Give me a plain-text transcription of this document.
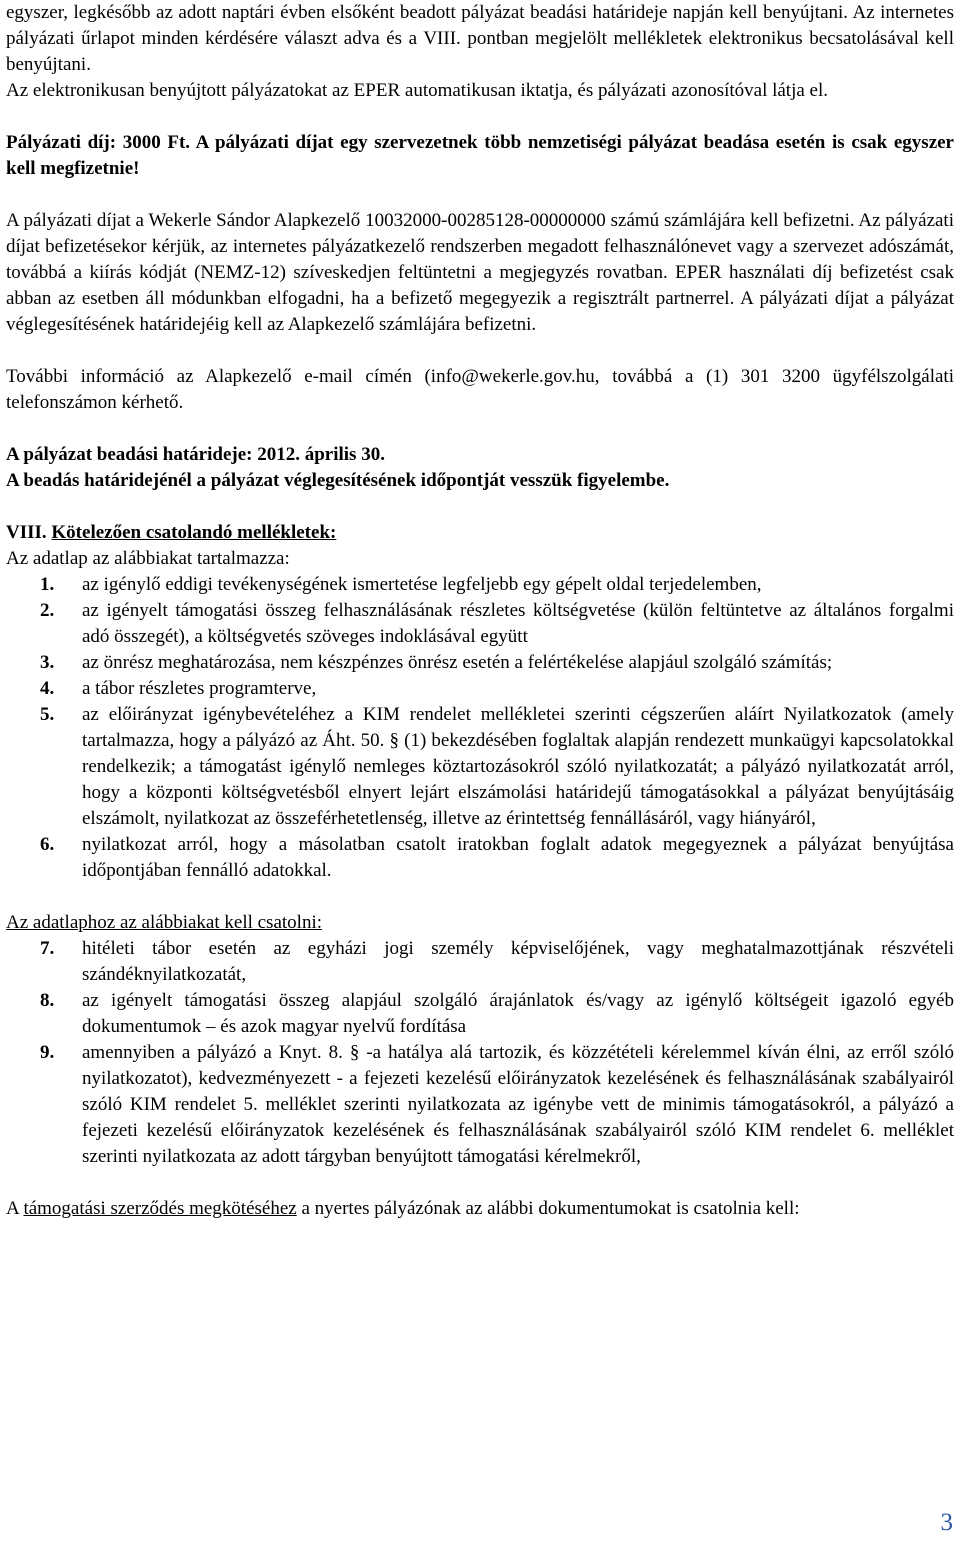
egyszer, legkésőbb az adott naptári évben elsőként beadott pályázat beadási határideje napján kell benyújtani. Az internetes pályázati űrlapot minden kérdésére választ adva és a VIII. pontban megjelölt mellékletek elektronikus becsatolásával kell benyújtani.

Az elektronikusan benyújtott pályázatokat az EPER automatikusan iktatja, és pályázati azonosítóval látja el.

Pályázati díj: 3000 Ft. A pályázati díjat egy szervezetnek több nemzetiségi pályázat beadása esetén is csak egyszer kell megfizetnie!

A pályázati díjat a Wekerle Sándor Alapkezelő 10032000-00285128-00000000 számú számlájára kell befizetni. Az pályázati díjat befizetésekor kérjük, az internetes pályázatkezelő rendszerben megadott felhasználónevet vagy a szervezet adószámát, továbbá a kiírás kódját (NEMZ-12) szíveskedjen feltüntetni a megjegyzés rovatban. EPER használati díj befizetést csak abban az esetben áll módunkban elfogadni, ha a befizető megegyezik a regisztrált partnerrel. A pályázati díjat a pályázat véglegesítésének határidejéig kell az Alapkezelő számlájára befizetni.

További információ az Alapkezelő e-mail címén (info@wekerle.gov.hu, továbbá a (1) 301 3200 ügyfélszolgálati telefonszámon kérhető.

A pályázat beadási határideje: 2012. április 30.

A beadás határidejénél a pályázat véglegesítésének időpontját vesszük figyelembe.

VIII. Kötelezően csatolandó mellékletek:

Az adatlap az alábbiakat tartalmazza:

1.	az igénylő eddigi tevékenységének ismertetése legfeljebb egy gépelt oldal terjedelemben,
2.	az igényelt támogatási összeg felhasználásának részletes költségvetése (külön feltüntetve az általános forgalmi adó összegét), a költségvetés szöveges indoklásával együtt
3.	az önrész meghatározása, nem készpénzes önrész esetén a felértékelése alapjául szolgáló számítás;
4.	a tábor részletes programterve,
5.	az előirányzat igénybevételéhez a KIM rendelet mellékletei szerinti cégszerűen aláírt Nyilatkozatok (amely tartalmazza, hogy a pályázó az Áht. 50. § (1) bekezdésében foglaltak alapján rendezett munkaügyi kapcsolatokkal rendelkezik; a támogatást igénylő nemleges köztartozásokról szóló nyilatkozatát; a pályázó nyilatkozatát arról, hogy a központi költségvetésből elnyert lejárt elszámolási határidejű támogatásokkal a pályázat benyújtásáig elszámolt, nyilatkozat az összeférhetetlenség, illetve az érintettség fennállásáról, vagy hiányáról,
6.	nyilatkozat arról, hogy a másolatban csatolt iratokban foglalt adatok megegyeznek a pályázat benyújtása időpontjában fennálló adatokkal.

Az adatlaphoz az alábbiakat kell csatolni:

7.	hitéleti tábor esetén az egyházi jogi személy képviselőjének, vagy meghatalmazottjának részvételi szándéknyilatkozatát,
8.	az igényelt támogatási összeg alapjául szolgáló árajánlatok és/vagy az igénylő költségeit igazoló egyéb dokumentumok – és azok magyar nyelvű fordítása
9.	amennyiben a pályázó a Knyt. 8. § -a hatálya alá tartozik, és közzétételi kérelemmel kíván élni, az erről szóló nyilatkozatot), kedvezményezett - a fejezeti kezelésű előirányzatok kezelésének és felhasználásának szabályairól szóló KIM rendelet 5. melléklet szerinti nyilatkozata az igénybe vett de minimis támogatásokról, a pályázó a fejezeti kezelésű előirányzatok kezelésének és felhasználásának szabályairól szóló KIM rendelet 6. melléklet szerinti nyilatkozata az adott tárgyban benyújtott támogatási kérelmekről,

A támogatási szerződés megkötéséhez a nyertes pályázónak az alábbi dokumentumokat is csatolnia kell:

3
